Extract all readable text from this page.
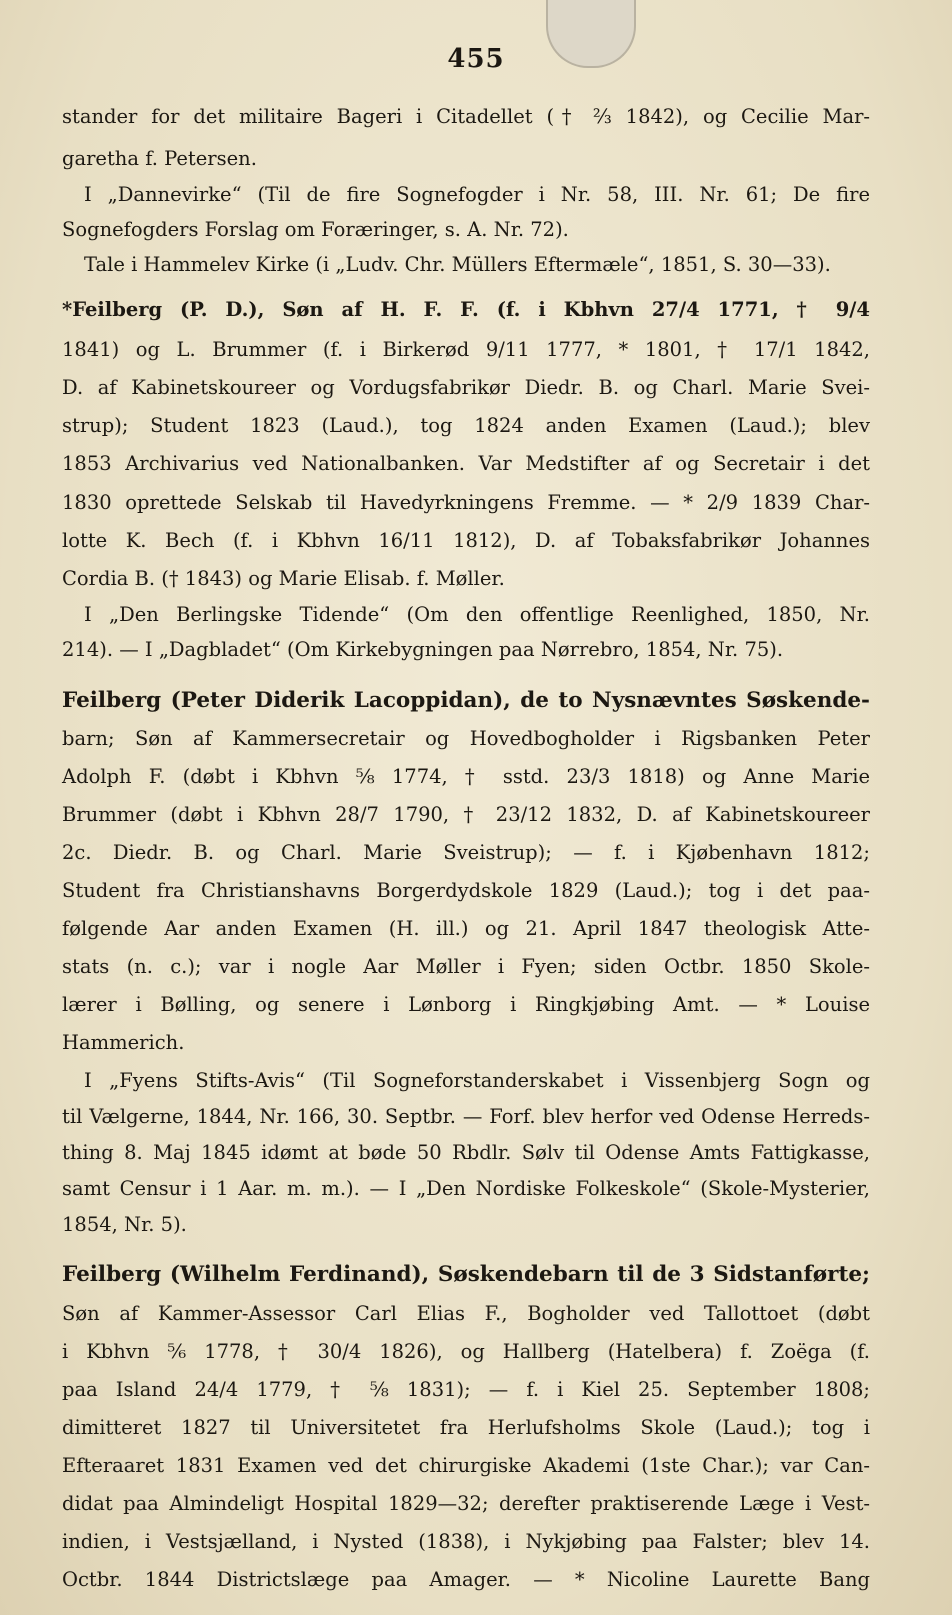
455
stander for det militaire Bageri i Citadellet († ⅔ 1842), og Cecilie Mar-
garetha f. Petersen.
I „Dannevirke“ (Til de fire Sognefogder i Nr. 58, III. Nr. 61; De fire
Sognefogders Forslag om Foræringer, s. A. Nr. 72).
Tale i Hammelev Kirke (i „Ludv. Chr. Müllers Eftermæle“, 1851, S. 30—33).
*Feilberg (P. D.), Søn af H. F. F. (f. i Kbhvn 27/4 1771, † 9/4
1841) og L. Brummer (f. i Birkerød 9/11 1777, * 1801, † 17/1 1842,
D. af Kabinetskoureer og Vordugsfabrikør Diedr. B. og Charl. Marie Svei-
strup); Student 1823 (Laud.), tog 1824 anden Examen (Laud.); blev
1853 Archivarius ved Nationalbanken. Var Medstifter af og Secretair i det
1830 oprettede Selskab til Havedyrkningens Fremme. — * 2/9 1839 Char-
lotte K. Bech (f. i Kbhvn 16/11 1812), D. af Tobaksfabrikør Johannes
Cordia B. († 1843) og Marie Elisab. f. Møller.
I „Den Berlingske Tidende“ (Om den offentlige Reenlighed, 1850, Nr.
214). — I „Dagbladet“ (Om Kirkebygningen paa Nørrebro, 1854, Nr. 75).
Feilberg (Peter Diderik Lacoppidan), de to Nysnævntes Søskende-
barn; Søn af Kammersecretair og Hovedbogholder i Rigsbanken Peter
Adolph F. (døbt i Kbhvn ⅝ 1774, † sstd. 23/3 1818) og Anne Marie
Brummer (døbt i Kbhvn 28/7 1790, † 23/12 1832, D. af Kabinetskoureer
2c. Diedr. B. og Charl. Marie Sveistrup); — f. i Kjøbenhavn 1812;
Student fra Christianshavns Borgerdydskole 1829 (Laud.); tog i det paa-
følgende Aar anden Examen (H. ill.) og 21. April 1847 theologisk Atte-
stats (n. c.); var i nogle Aar Møller i Fyen; siden Octbr. 1850 Skole-
lærer i Bølling, og senere i Lønborg i Ringkjøbing Amt. — * Louise
Hammerich.
I „Fyens Stifts-Avis“ (Til Sogneforstanderskabet i Vissenbjerg Sogn og
til Vælgerne, 1844, Nr. 166, 30. Septbr. — Forf. blev herfor ved Odense Herreds-
thing 8. Maj 1845 idømt at bøde 50 Rbdlr. Sølv til Odense Amts Fattigkasse,
samt Censur i 1 Aar. m. m.). — I „Den Nordiske Folkeskole“ (Skole-Mysterier,
1854, Nr. 5).
Feilberg (Wilhelm Ferdinand), Søskendebarn til de 3 Sidstanførte;
Søn af Kammer-Assessor Carl Elias F., Bogholder ved Tallottoet (døbt
i Kbhvn ⁵⁄₆ 1778, † 30/4 1826), og Hallberg (Hatelbera) f. Zoëga (f.
paa Island 24/4 1779, † ⅝ 1831); — f. i Kiel 25. September 1808;
dimitteret 1827 til Universitetet fra Herlufsholms Skole (Laud.); tog i
Efteraaret 1831 Examen ved det chirurgiske Akademi (1ste Char.); var Can-
didat paa Almindeligt Hospital 1829—32; derefter praktiserende Læge i Vest-
indien, i Vestsjælland, i Nysted (1838), i Nykjøbing paa Falster; blev 14.
Octbr. 1844 Districtslæge paa Amager. — * Nicoline Laurette Bang
